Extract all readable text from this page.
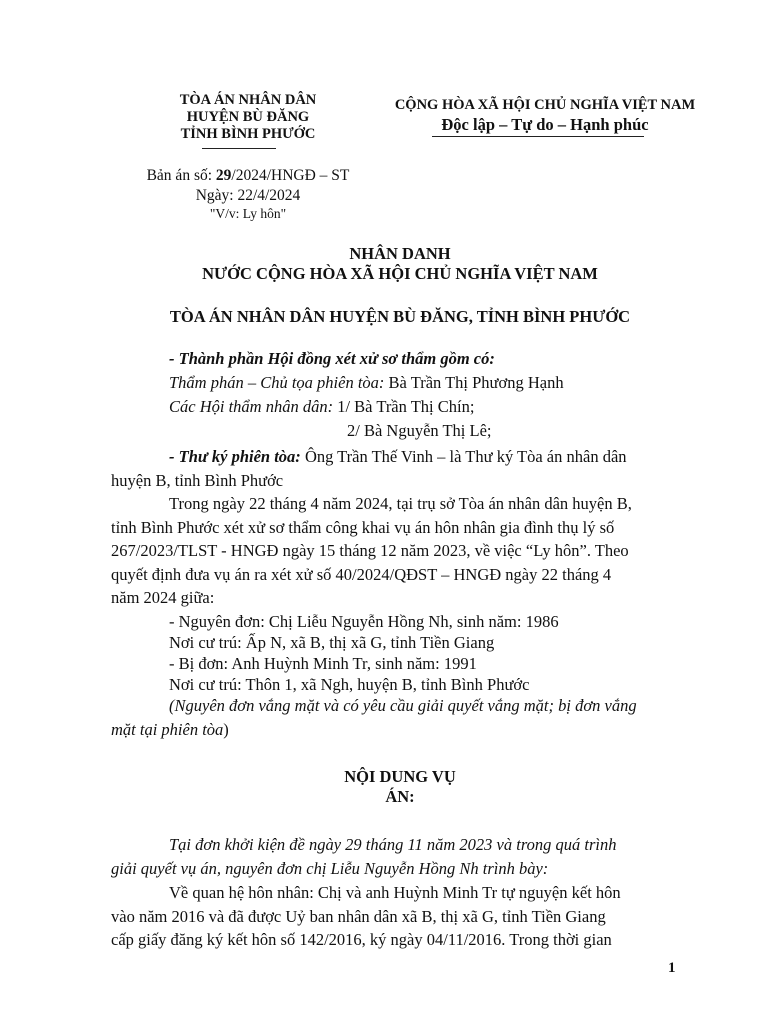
TÒA ÁN NHÂN DÂN
HUYỆN BÙ ĐĂNG
TỈNH BÌNH PHƯỚC
CỘNG HÒA XÃ HỘI CHỦ NGHĨA VIỆT NAM
Độc lập – Tự do – Hạnh phúc
Bản án số: 29/2024/HNGĐ – ST
Ngày: 22/4/2024
"V/v: Ly hôn"
NHÂN DANH
NƯỚC CỘNG HÒA XÃ HỘI CHỦ NGHĨA VIỆT NAM
TÒA ÁN NHÂN DÂN HUYỆN BÙ ĐĂNG, TỈNH BÌNH PHƯỚC
- Thành phần Hội đồng xét xử sơ thẩm gồm có:
Thẩm phán – Chủ tọa phiên tòa: Bà Trần Thị Phương Hạnh
Các Hội thẩm nhân dân: 1/ Bà Trần Thị Chín;
2/ Bà Nguyễn Thị Lê;
- Thư ký phiên tòa: Ông Trần Thế Vinh – là Thư ký Tòa án nhân dân
huyện B, tỉnh Bình Phước
Trong ngày 22 tháng 4 năm 2024, tại trụ sở Tòa án nhân dân huyện B,
tỉnh Bình Phước xét xử sơ thẩm công khai vụ án hôn nhân gia đình thụ lý số
267/2023/TLST - HNGĐ ngày 15 tháng 12 năm 2023, về việc “Ly hôn”. Theo
quyết định đưa vụ án ra xét xử số 40/2024/QĐST – HNGĐ ngày 22 tháng 4
năm 2024 giữa:
- Nguyên đơn: Chị Liễu Nguyễn Hồng Nh, sinh năm: 1986
Nơi cư trú: Ấp N, xã B, thị xã G, tỉnh Tiền Giang
- Bị đơn: Anh Huỳnh Minh Tr, sinh năm: 1991
Nơi cư trú: Thôn 1, xã Ngh, huyện B, tỉnh Bình Phước
(Nguyên đơn vắng mặt và có yêu cầu giải quyết vắng mặt; bị đơn vắng
mặt tại phiên tòa)
NỘI DUNG VỤ
ÁN:
Tại đơn khởi kiện đề ngày 29 tháng 11 năm 2023 và trong quá trình
giải quyết vụ án, nguyên đơn chị Liễu Nguyễn Hồng Nh trình bày:
Về quan hệ hôn nhân: Chị và anh Huỳnh Minh Tr tự nguyện kết hôn
vào năm 2016 và đã được Uỷ ban nhân dân xã B, thị xã G, tỉnh Tiền Giang
cấp giấy đăng ký kết hôn số 142/2016, ký ngày 04/11/2016. Trong thời gian
1
